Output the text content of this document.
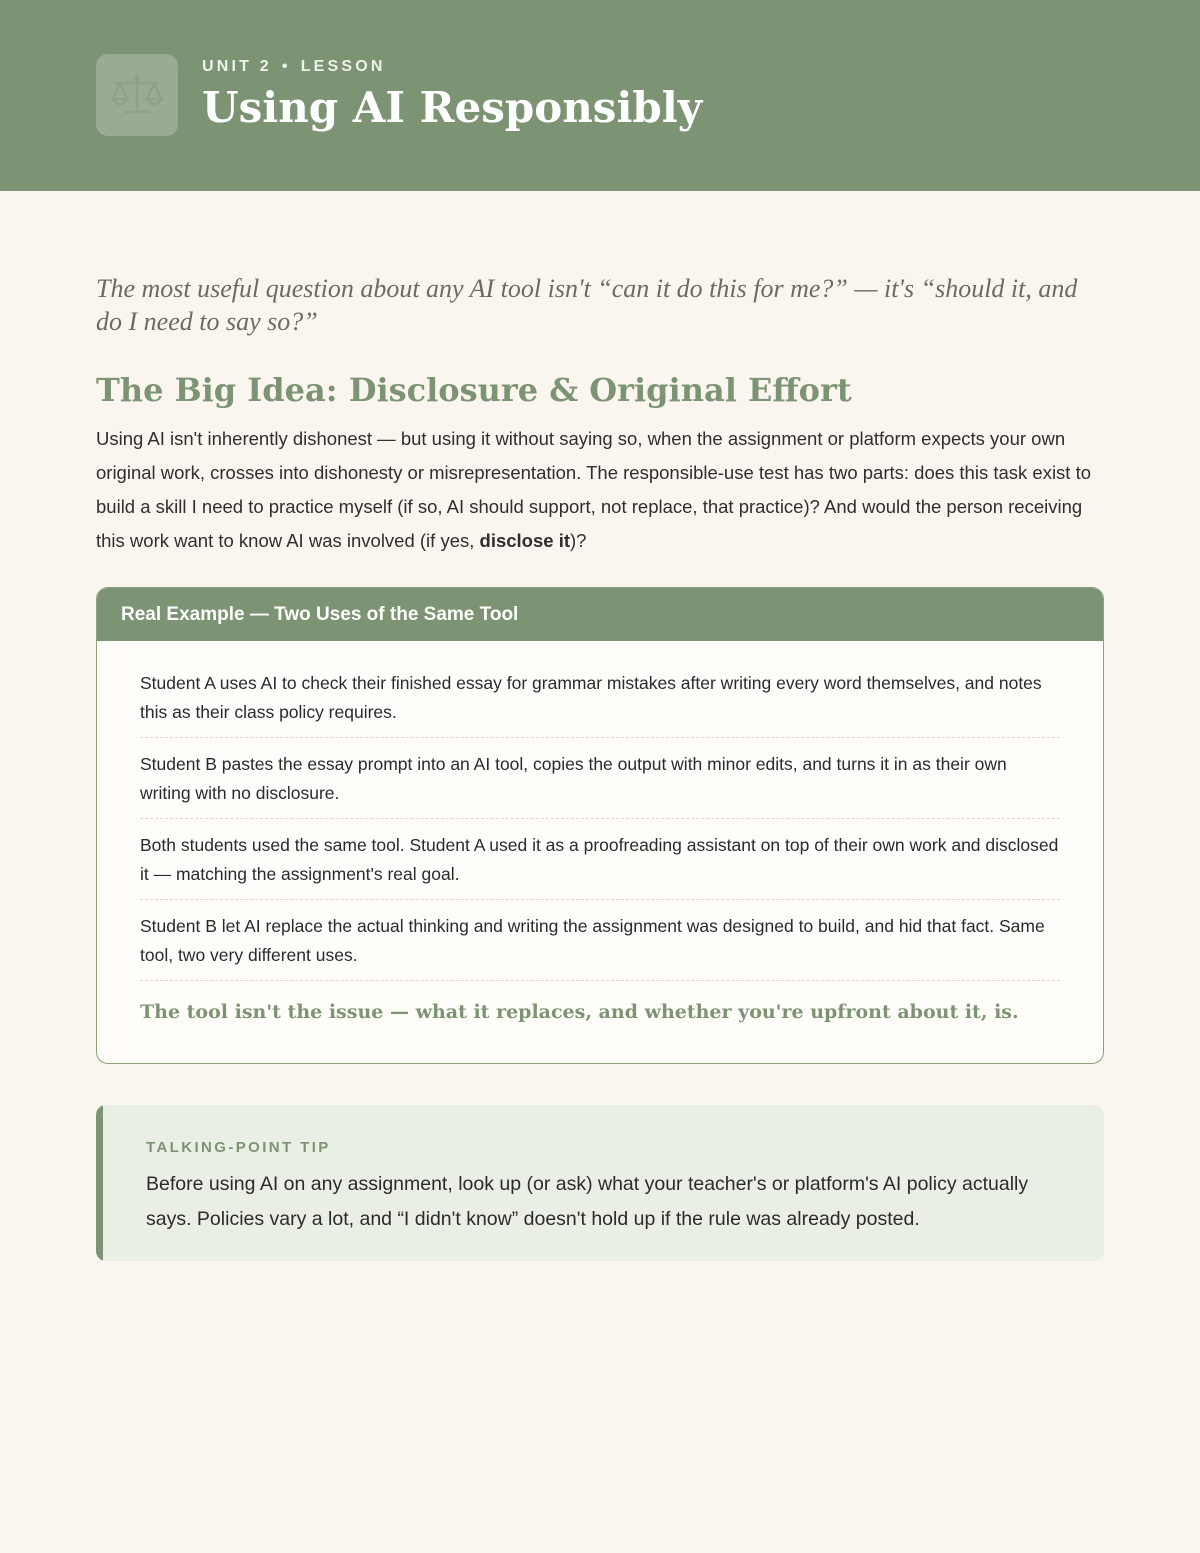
UNIT 2 • LESSON
Using AI Responsibly

The most useful question about any AI tool isn't “can it do this for me?” — it's “should it, and do I need to say so?”

The Big Idea: Disclosure & Original Effort

Using AI isn't inherently dishonest — but using it without saying so, when the assignment or platform expects your own original work, crosses into dishonesty or misrepresentation. The responsible-use test has two parts: does this task exist to build a skill I need to practice myself (if so, AI should support, not replace, that practice)? And would the person receiving this work want to know AI was involved (if yes, disclose it)?

Real Example — Two Uses of the Same Tool
Student A uses AI to check their finished essay for grammar mistakes after writing every word themselves, and notes this as their class policy requires.
Student B pastes the essay prompt into an AI tool, copies the output with minor edits, and turns it in as their own writing with no disclosure.
Both students used the same tool. Student A used it as a proofreading assistant on top of their own work and disclosed it — matching the assignment's real goal.
Student B let AI replace the actual thinking and writing the assignment was designed to build, and hid that fact. Same tool, two very different uses.
The tool isn't the issue — what it replaces, and whether you're upfront about it, is.
TALKING-POINT TIP

Before using AI on any assignment, look up (or ask) what your teacher's or platform's AI policy actually says. Policies vary a lot, and “I didn't know” doesn't hold up if the rule was already posted.
